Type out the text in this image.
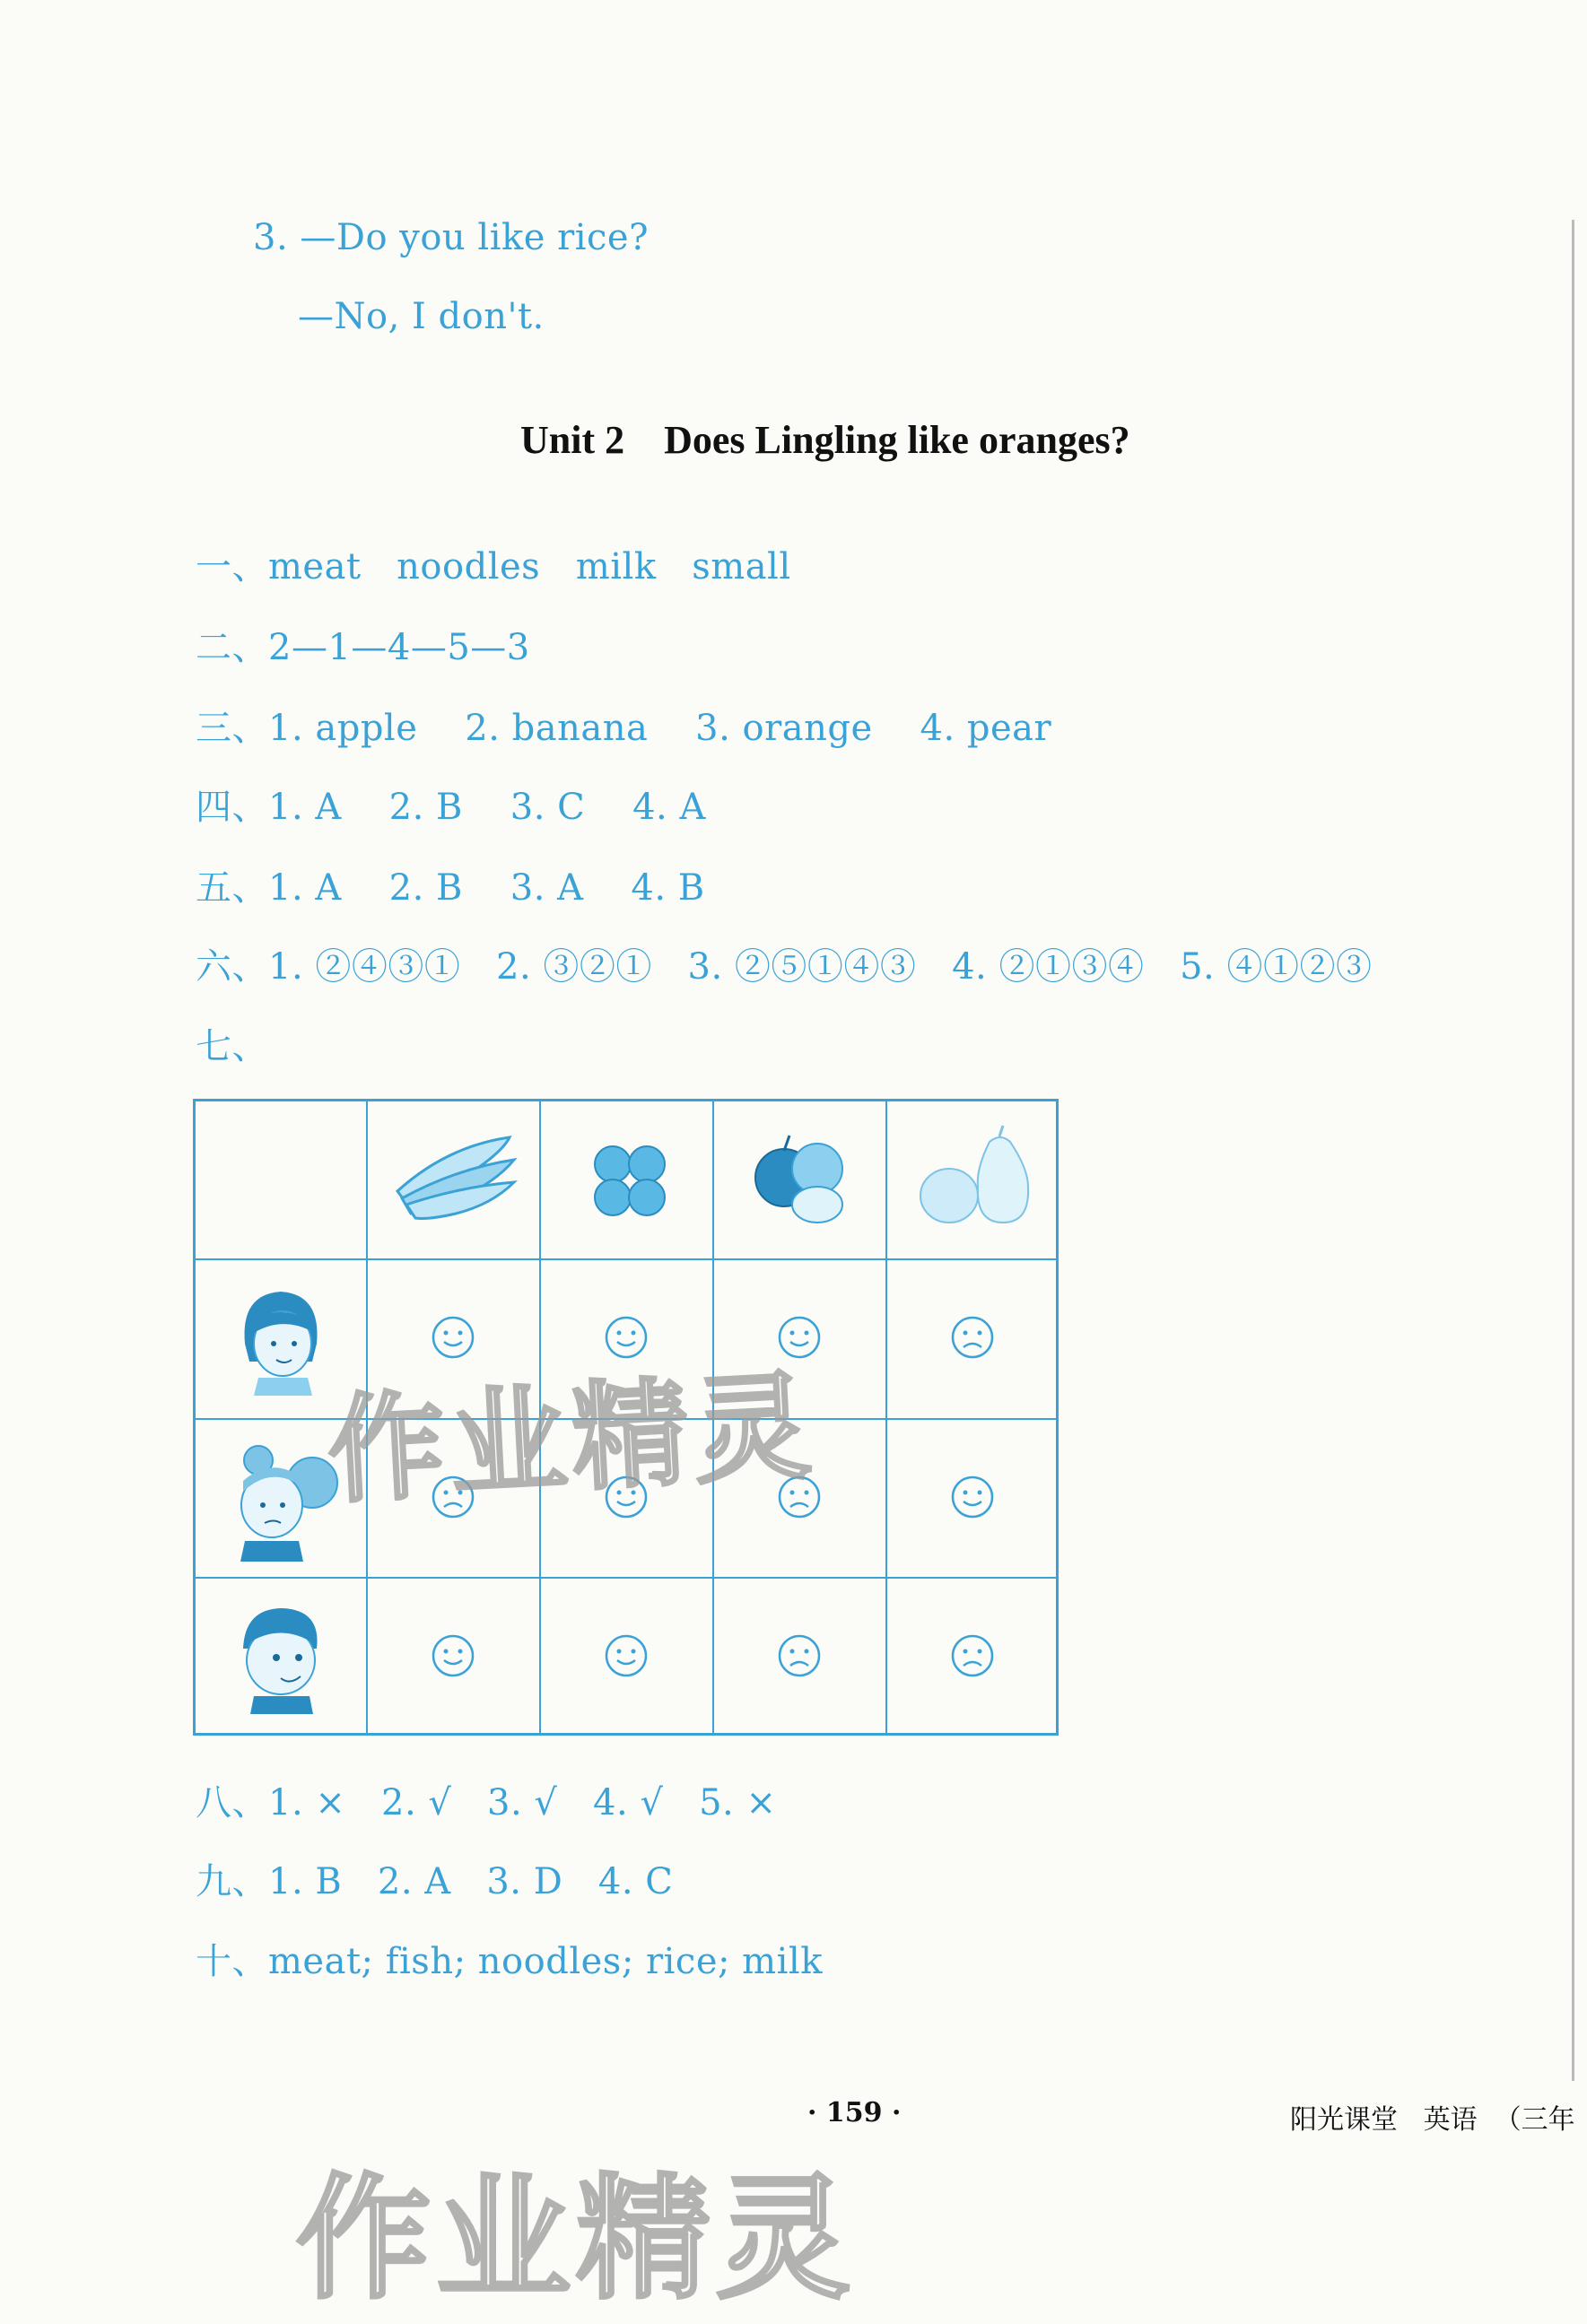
3. —Do you like rice?
—No, I don't.
Unit 2    Does Lingling like oranges?
一、meat   noodles   milk   small
二、2—1—4—5—3
三、1. apple    2. banana    3. orange    4. pear
四、1. A    2. B    3. C    4. A
五、1. A    2. B    3. A    4. B
六、1. ②④③①   2. ③②①   3. ②⑤①④③   4. ②①③④   5. ④①②③
七、
作业精灵
八、1. ×   2. √   3. √   4. √   5. ×
九、1. B   2. A   3. D   4. C
十、meat; fish; noodles; rice; milk
· 159 ·	阳光课堂   英语  （三年
作业精灵
